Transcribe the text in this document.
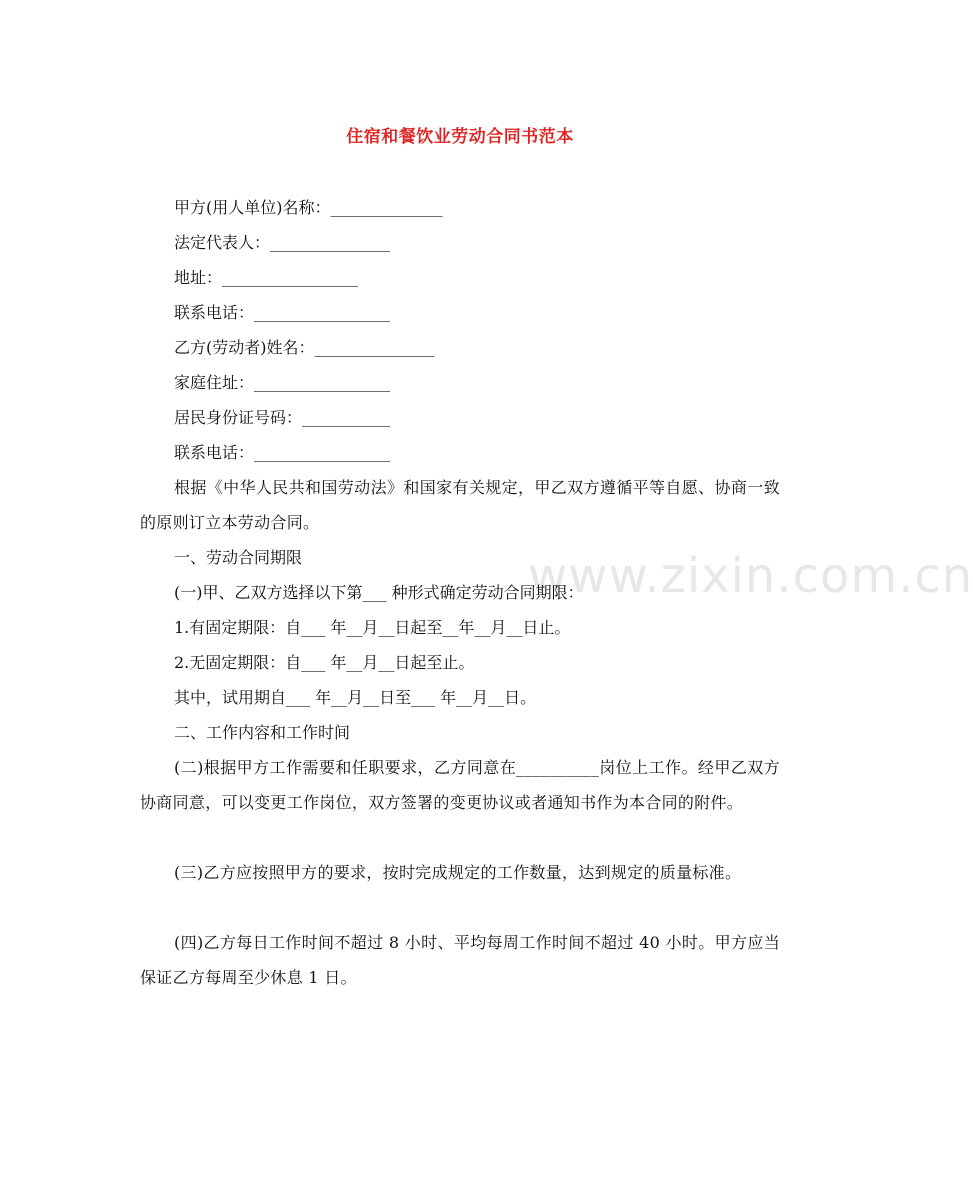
www.zixin.com.cn
住宿和餐饮业劳动合同书范本
甲方(用人单位)名称：______________
法定代表人：_______________
地址：_________________
联系电话：_________________
乙方(劳动者)姓名：_______________
家庭住址：_________________
居民身份证号码：___________
联系电话：_________________
根据《中华人民共和国劳动法》和国家有关规定，甲乙双方遵循平等自愿、协商一致的原则订立本劳动合同。
一、劳动合同期限
(一)甲、乙双方选择以下第___ 种形式确定劳动合同期限：
1.有固定期限：自___ 年__月__日起至__年__月__日止。
2.无固定期限：自___ 年__月__日起至止。
其中，试用期自___ 年__月__日至___ 年__月__日。
二、工作内容和工作时间
(二)根据甲方工作需要和任职要求，乙方同意在__________岗位上工作。经甲乙双方协商同意，可以变更工作岗位，双方签署的变更协议或者通知书作为本合同的附件。
(三)乙方应按照甲方的要求，按时完成规定的工作数量，达到规定的质量标准。
(四)乙方每日工作时间不超过 8 小时、平均每周工作时间不超过 40 小时。甲方应当保证乙方每周至少休息 1 日。
